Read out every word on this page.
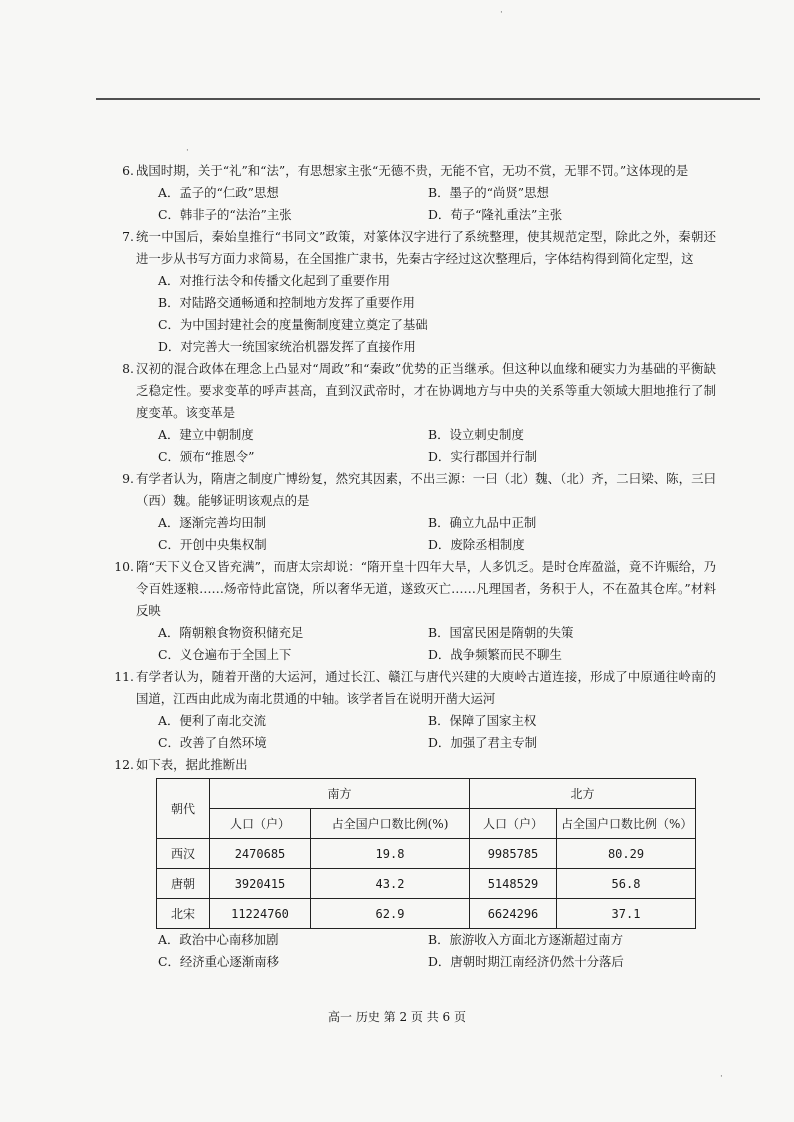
·
·
·
6. 战国时期，关于“礼”和“法”，有思想家主张“无德不贵，无能不官，无功不赏，无罪不罚。”这体现的是
A．孟子的“仁政”思想	B．墨子的“尚贤”思想
C．韩非子的“法治”主张	D．荀子“隆礼重法”主张
7. 统一中国后，秦始皇推行“书同文”政策，对篆体汉字进行了系统整理，使其规范定型，除此之外，秦朝还进一步从书写方面力求简易，在全国推广隶书，先秦古字经过这次整理后，字体结构得到简化定型，这
A．对推行法令和传播文化起到了重要作用
B．对陆路交通畅通和控制地方发挥了重要作用
C．为中国封建社会的度量衡制度建立奠定了基础
D．对完善大一统国家统治机器发挥了直接作用
8. 汉初的混合政体在理念上凸显对“周政”和“秦政”优势的正当继承。但这种以血缘和硬实力为基础的平衡缺乏稳定性。要求变革的呼声甚高，直到汉武帝时，才在协调地方与中央的关系等重大领域大胆地推行了制度变革。该变革是
A．建立中朝制度	B．设立刺史制度
C．颁布“推恩令”	D．实行郡国并行制
9. 有学者认为，隋唐之制度广博纷复，然究其因素，不出三源：一曰（北）魏、（北）齐，二曰梁、陈，三曰（西）魏。能够证明该观点的是
A．逐渐完善均田制	B．确立九品中正制
C．开创中央集权制	D．废除丞相制度
10. 隋“天下义仓又皆充满”，而唐太宗却说：“隋开皇十四年大旱，人多饥乏。是时仓库盈溢，竟不许赈给，乃令百姓逐粮……炀帝恃此富饶，所以奢华无道，遂致灭亡……凡理国者，务积于人，不在盈其仓库。”材料反映
A．隋朝粮食物资积储充足	B．国富民困是隋朝的失策
C．义仓遍布于全国上下	D．战争频繁而民不聊生
11. 有学者认为，随着开凿的大运河，通过长江、赣江与唐代兴建的大庾岭古道连接，形成了中原通往岭南的国道，江西由此成为南北贯通的中轴。该学者旨在说明开凿大运河
A．便利了南北交流	B．保障了国家主权
C．改善了自然环境	D．加强了君主专制
12. 如下表，据此推断出
朝代	南方		北方	
	人口（户）	占全国户口数比例(%)	人口（户）	占全国户口数比例（%）
西汉	2470685	19.8	9985785	80.29
唐朝	3920415	43.2	5148529	56.8
北宋	11224760	62.9	6624296	37.1
A．政治中心南移加剧	B．旅游收入方面北方逐渐超过南方
C．经济重心逐渐南移	D．唐朝时期江南经济仍然十分落后
高一 历史 第 2 页 共 6 页
